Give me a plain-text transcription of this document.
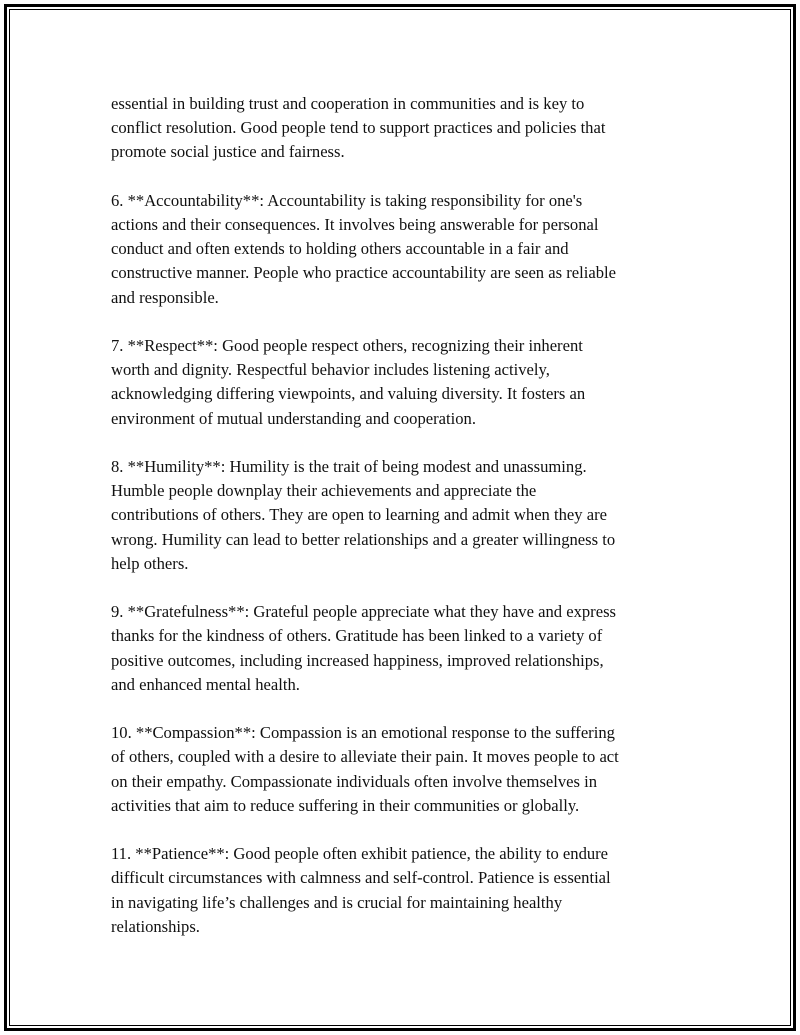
essential in building trust and cooperation in communities and is key to
conflict resolution. Good people tend to support practices and policies that
promote social justice and fairness.

6. **Accountability**: Accountability is taking responsibility for one's
actions and their consequences. It involves being answerable for personal
conduct and often extends to holding others accountable in a fair and
constructive manner. People who practice accountability are seen as reliable
and responsible.

7. **Respect**: Good people respect others, recognizing their inherent
worth and dignity. Respectful behavior includes listening actively,
acknowledging differing viewpoints, and valuing diversity. It fosters an
environment of mutual understanding and cooperation.

8. **Humility**: Humility is the trait of being modest and unassuming.
Humble people downplay their achievements and appreciate the
contributions of others. They are open to learning and admit when they are
wrong. Humility can lead to better relationships and a greater willingness to
help others.

9. **Gratefulness**: Grateful people appreciate what they have and express
thanks for the kindness of others. Gratitude has been linked to a variety of
positive outcomes, including increased happiness, improved relationships,
and enhanced mental health.

10. **Compassion**: Compassion is an emotional response to the suffering
of others, coupled with a desire to alleviate their pain. It moves people to act
on their empathy. Compassionate individuals often involve themselves in
activities that aim to reduce suffering in their communities or globally.

11. **Patience**: Good people often exhibit patience, the ability to endure
difficult circumstances with calmness and self-control. Patience is essential
in navigating life’s challenges and is crucial for maintaining healthy
relationships.
